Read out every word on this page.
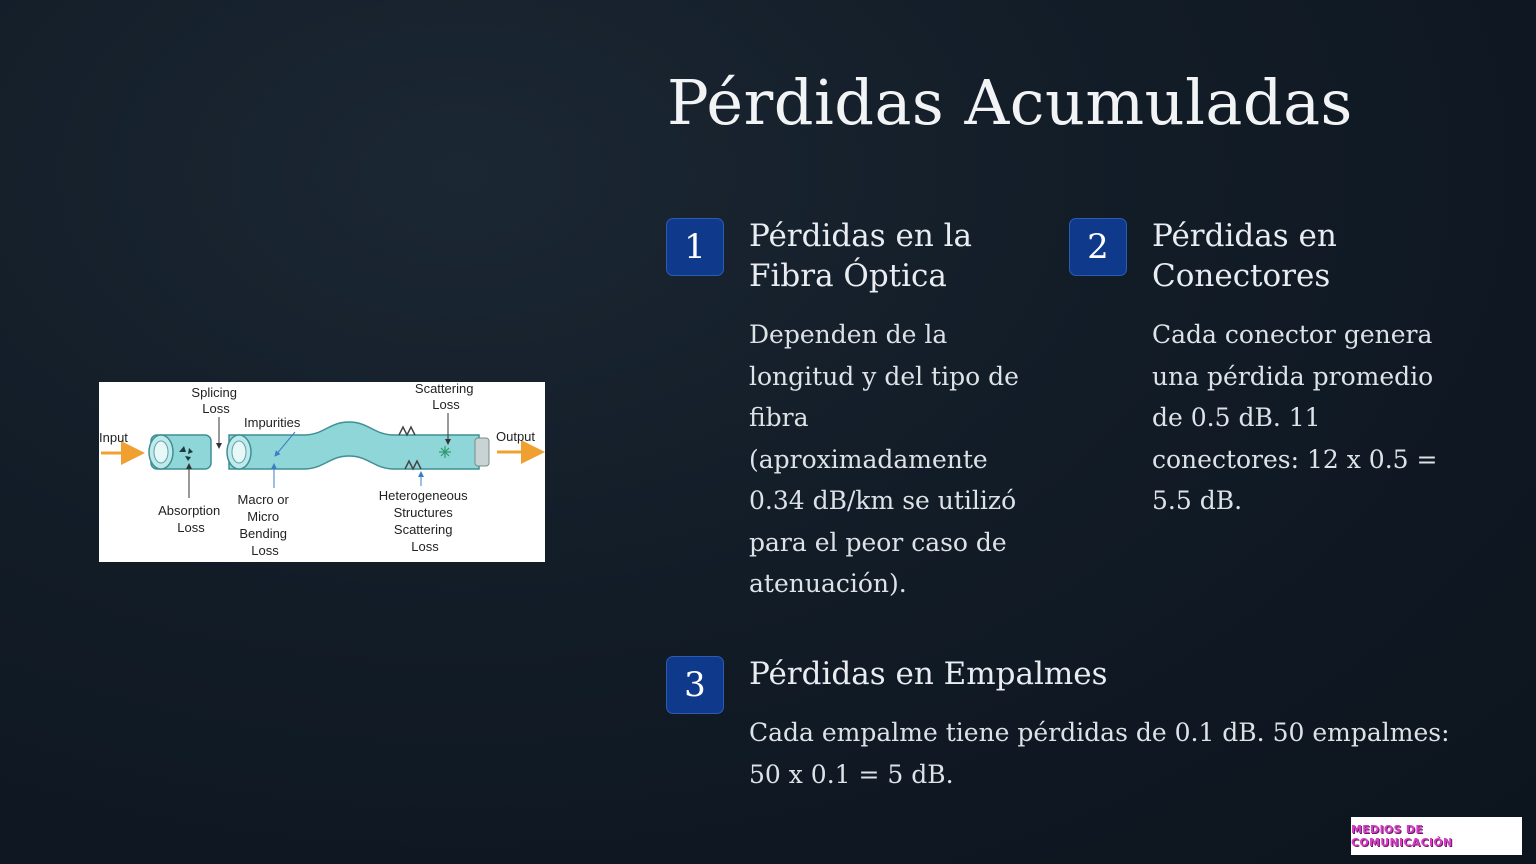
Pérdidas Acumuladas
1 Pérdidas en la
Fibra Óptica

Dependen de la
longitud y del tipo de
fibra
(aproximadamente
0.34 dB/km se utilizó
para el peor caso de
atenuación).

2 Pérdidas en
Conectores

Cada conector genera
una pérdida promedio
de 0.5 dB. 11
conectores: 12 x 0.5 =
5.5 dB.

3 Pérdidas en Empalmes

Cada empalme tiene pérdidas de 0.1 dB. 50 empalmes:
50 x 0.1 = 5 dB.

Input	Output
Splicing Loss
Impurities
Scattering Loss
Absorption Loss
Macro or Micro Bending Loss
Heterogeneous Structures Scattering Loss
MEDIOS DE COMUNICACIÓN
